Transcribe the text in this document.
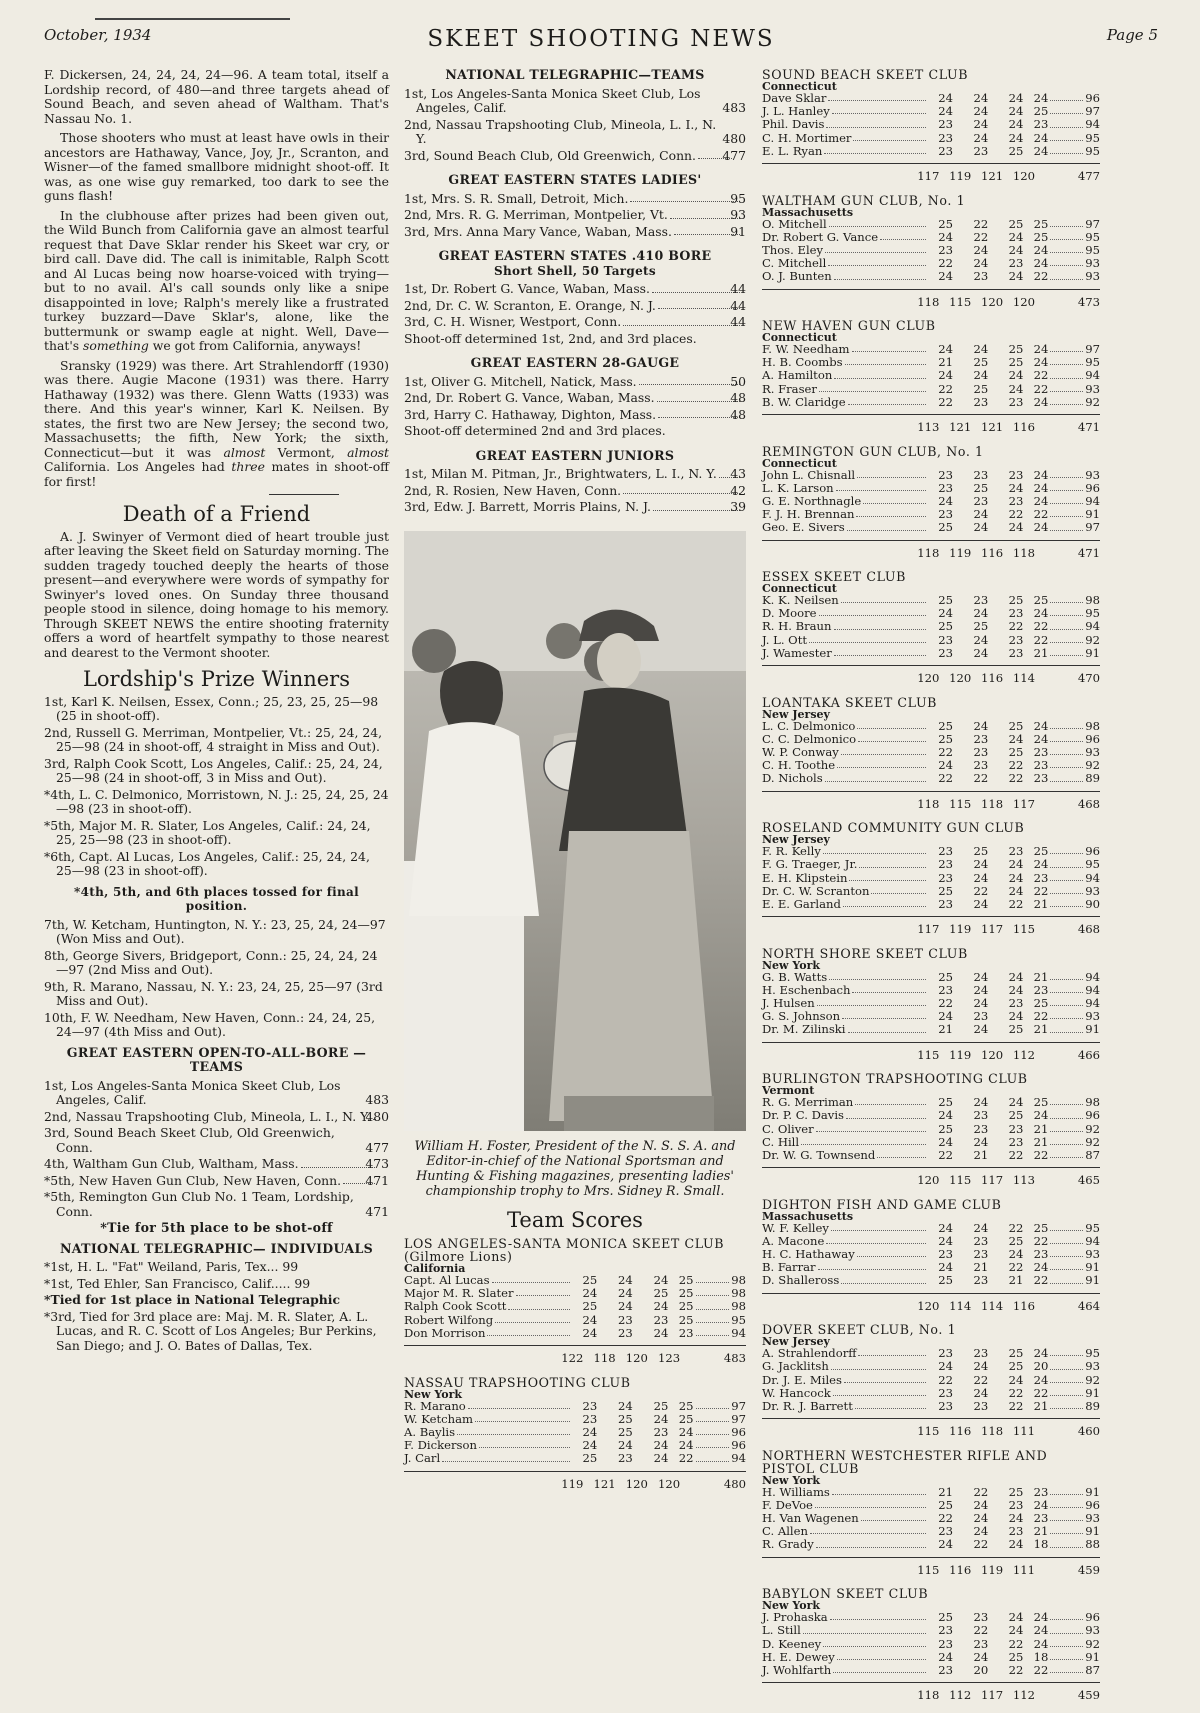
October, 1934	SKEET SHOOTING NEWS	Page 5

F. Dickersen, 24, 24, 24, 24—96. A team total, itself a Lordship record, of 480—and three targets ahead of Sound Beach, and seven ahead of Waltham. That's Nassau No. 1.

Those shooters who must at least have owls in their ancestors are Hathaway, Vance, Joy, Jr., Scranton, and Wisner—of the famed smallbore midnight shoot-off. It was, as one wise guy remarked, too dark to see the guns flash!

In the clubhouse after prizes had been given out, the Wild Bunch from California gave an almost tearful request that Dave Sklar render his Skeet war cry, or bird call. Dave did. The call is inimitable, Ralph Scott and Al Lucas being now hoarse-voiced with trying—but to no avail. Al's call sounds only like a snipe disappointed in love; Ralph's merely like a frustrated turkey buzzard—Dave Sklar's, alone, like the buttermunk or swamp eagle at night. Well, Dave—that's something we got from California, anyways!

Sransky (1929) was there. Art Strahlendorff (1930) was there. Augie Macone (1931) was there. Harry Hathaway (1932) was there. Glenn Watts (1933) was there. And this year's winner, Karl K. Neilsen. By states, the first two are New Jersey; the second two, Massachusetts; the fifth, New York; the sixth, Connecticut—but it was almost Vermont, almost California. Los Angeles had three mates in shoot-off for first!

Death of a Friend

A. J. Swinyer of Vermont died of heart trouble just after leaving the Skeet field on Saturday morning. The sudden tragedy touched deeply the hearts of those present—and everywhere were words of sympathy for Swinyer's loved ones. On Sunday three thousand people stood in silence, doing homage to his memory. Through SKEET NEWS the entire shooting fraternity offers a word of heartfelt sympathy to those nearest and dearest to the Vermont shooter.

Lordship's Prize Winners
1st, Karl K. Neilsen, Essex, Conn.; 25, 23, 25, 25—98 (25 in shoot-off).
2nd, Russell G. Merriman, Montpelier, Vt.: 25, 24, 24, 25—98 (24 in shoot-off, 4 straight in Miss and Out).
3rd, Ralph Cook Scott, Los Angeles, Calif.: 25, 24, 24, 25—98 (24 in shoot-off, 3 in Miss and Out).
*4th, L. C. Delmonico, Morristown, N. J.: 25, 24, 25, 24—98 (23 in shoot-off).
*5th, Major M. R. Slater, Los Angeles, Calif.: 24, 24, 25, 25—98 (23 in shoot-off).
*6th, Capt. Al Lucas, Los Angeles, Calif.: 25, 24, 24, 25—98 (23 in shoot-off).
*4th, 5th, and 6th places tossed for final position.
7th, W. Ketcham, Huntington, N. Y.: 23, 25, 24, 24—97 (Won Miss and Out).
8th, George Sivers, Bridgeport, Conn.: 25, 24, 24, 24—97 (2nd Miss and Out).
9th, R. Marano, Nassau, N. Y.: 23, 24, 25, 25—97 (3rd Miss and Out).
10th, F. W. Needham, New Haven, Conn.: 24, 24, 25, 24—97 (4th Miss and Out).
GREAT EASTERN OPEN-TO-ALL-BORE —TEAMS
1st, Los Angeles-Santa Monica Skeet Club, Los Angeles, Calif.	483
2nd, Nassau Trapshooting Club, Mineola, L. I., N. Y.
480
3rd, Sound Beach Skeet Club, Old Greenwich, Conn.	477
4th, Waltham Gun Club, Waltham, Mass.	473
*5th, New Haven Gun Club, New Haven, Conn. 471
*5th, Remington Gun Club No. 1 Team, Lordship, Conn.	471
*Tie for 5th place to be shot-off
NATIONAL TELEGRAPHIC— INDIVIDUALS
*1st, H. L. "Fat" Weiland, Paris, Tex... 99
*1st, Ted Ehler, San Francisco, Calif..... 99
*Tied for 1st place in National Telegraphic
*3rd, Tied for 3rd place are: Maj. M. R. Slater, A. L. Lucas, and R. C. Scott of Los Angeles; Bur Perkins, San Diego; and J. O. Bates of Dallas, Tex.
NATIONAL TELEGRAPHIC—TEAMS
1st, Los Angeles-Santa Monica Skeet Club, Los Angeles, Calif.	483
2nd, Nassau Trapshooting Club, Mineola, L. I., N. Y.	480
3rd, Sound Beach Club, Old Greenwich, Conn. 477
GREAT EASTERN STATES LADIES'
1st, Mrs. S. R. Small, Detroit, Mich.	95
2nd, Mrs. R. G. Merriman, Montpelier, Vt.	93
3rd, Mrs. Anna Mary Vance, Waban, Mass.	91
GREAT EASTERN STATES .410 BORE
Short Shell, 50 Targets
1st, Dr. Robert G. Vance, Waban, Mass.	44
2nd, Dr. C. W. Scranton, E. Orange, N. J.	44
3rd, C. H. Wisner, Westport, Conn.	44
Shoot-off determined 1st, 2nd, and 3rd places.
GREAT EASTERN 28-GAUGE
1st, Oliver G. Mitchell, Natick, Mass.	50
2nd, Dr. Robert G. Vance, Waban, Mass.	48
3rd, Harry C. Hathaway, Dighton, Mass.	48
Shoot-off determined 2nd and 3rd places.
GREAT EASTERN JUNIORS
1st, Milan M. Pitman, Jr., Brightwaters, L. I., N. Y. 43
2nd, R. Rosien, New Haven, Conn.	42
3rd, Edw. J. Barrett, Morris Plains, N. J.	39
William H. Foster, President of the N. S. S. A. and Editor-in-chief of the National Sportsman and Hunting & Fishing magazines, presenting ladies' championship trophy to Mrs. Sidney R. Small.
Team Scores
LOS ANGELES-SANTA MONICA SKEET CLUB (Gilmore Lions)
California
Capt. Al Lucas	25	24	24 25	98
Major M. R. Slater	24	24	25 25	98
Ralph Cook Scott	25	24	24 25	98
Robert Wilfong	24	23	23 25	95
Don Morrison	24	23	24 23	94
122 118 120 123	483
NASSAU TRAPSHOOTING CLUB
New York
R. Marano	23	24	25 25	97
W. Ketcham	23	25	24 25	97
A. Baylis	24	25	23 24	96
F. Dickerson	24	24	24 24	96
J. Carl	25	23	24 22	94
119 121 120 120	480
SOUND BEACH SKEET CLUB
Connecticut
Dave Sklar	24	24	24 24	96
J. L. Hanley	24	24	24 25	97
Phil. Davis	23	24	24 23	94
C. H. Mortimer	23	24	24 24	95
E. L. Ryan	23	23	25 24	95
117 119 121 120	477
WALTHAM GUN CLUB, No. 1
Massachusetts
O. Mitchell	25	22	25 25	97
Dr. Robert G. Vance	24	22	24 25	95
Thos. Eley	23	24	24 24	95
C. Mitchell	22	24	23 24	93
O. J. Bunten	24	23	24 22	93
118 115 120 120	473
NEW HAVEN GUN CLUB
Connecticut
F. W. Needham	24	24	25 24	97
H. B. Coombs	21	25	25 24	95
A. Hamilton	24	24	24 22	94
R. Fraser	22	25	24 22	93
B. W. Claridge	22	23	23 24	92
113 121 121 116	471
REMINGTON GUN CLUB, No. 1
Connecticut
John L. Chisnall	23	23	23 24	93
L. K. Larson	23	25	24 24	96
G. E. Northnagle	24	23	23 24	94
F. J. H. Brennan	23	24	22 22	91
Geo. E. Sivers	25	24	24 24	97
118 119 116 118	471
ESSEX SKEET CLUB
Connecticut
K. K. Neilsen	25	23	25 25	98
D. Moore	24	24	23 24	95
R. H. Braun	25	25	22 22	94
J. L. Ott	23	24	23 22	92
J. Wamester	23	24	23 21	91
120 120 116 114	470
LOANTAKA SKEET CLUB
New Jersey
L. C. Delmonico	25	24	25 24	98
C. C. Delmonico	25	23	24 24	96
W. P. Conway	22	23	25 23	93
C. H. Toothe	24	23	22 23	92
D. Nichols	22	22	22 23	89
118 115 118 117	468
ROSELAND COMMUNITY GUN CLUB
New Jersey
F. R. Kelly	23	25	23 25	96
F. G. Traeger, Jr.	23	24	24 24	95
E. H. Klipstein	23	24	24 23	94
Dr. C. W. Scranton	25	22	24 22	93
E. E. Garland	23	24	22 21	90
117 119 117 115	468
NORTH SHORE SKEET CLUB
New York
G. B. Watts	25	24	24 21	94
H. Eschenbach	23	24	24 23	94
J. Hulsen	22	24	23 25	94
G. S. Johnson	24	23	24 22	93
Dr. M. Zilinski	21	24	25 21	91
115 119 120 112	466
BURLINGTON TRAPSHOOTING CLUB
Vermont
R. G. Merriman	25	24	24 25	98
Dr. P. C. Davis	24	23	25 24	96
C. Oliver	25	23	23 21	92
C. Hill	24	24	23 21	92
Dr. W. G. Townsend	22	21	22 22	87
120 115 117 113	465
DIGHTON FISH AND GAME CLUB
Massachusetts
W. F. Kelley	24	24	22 25	95
A. Macone	24	23	25 22	94
H. C. Hathaway	23	23	24 23	93
B. Farrar	24	21	22 24	91
D. Shalleross	25	23	21 22	91
120 114 114 116	464
DOVER SKEET CLUB, No. 1
New Jersey
A. Strahlendorff	23	23	25 24	95
G. Jacklitsh	24	24	25 20	93
Dr. J. E. Miles	22	22	24 24	92
W. Hancock	23	24	22 22	91
Dr. R. J. Barrett	23	23	22 21	89
115 116 118 111	460
NORTHERN WESTCHESTER RIFLE AND PISTOL CLUB
New York
H. Williams	21	22	25 23	91
F. DeVoe	25	24	23 24	96
H. Van Wagenen	22	24	24 23	93
C. Allen	23	24	23 21	91
R. Grady	24	22	24 18	88
115 116 119 111	459
BABYLON SKEET CLUB
New York
J. Prohaska	25	23	24 24	96
L. Still	23	22	24 24	93
D. Keeney	23	23	22 24	92
H. E. Dewey	24	24	25 18	91
J. Wohlfarth	23	20	22 22	87
118 112 117 112	459
